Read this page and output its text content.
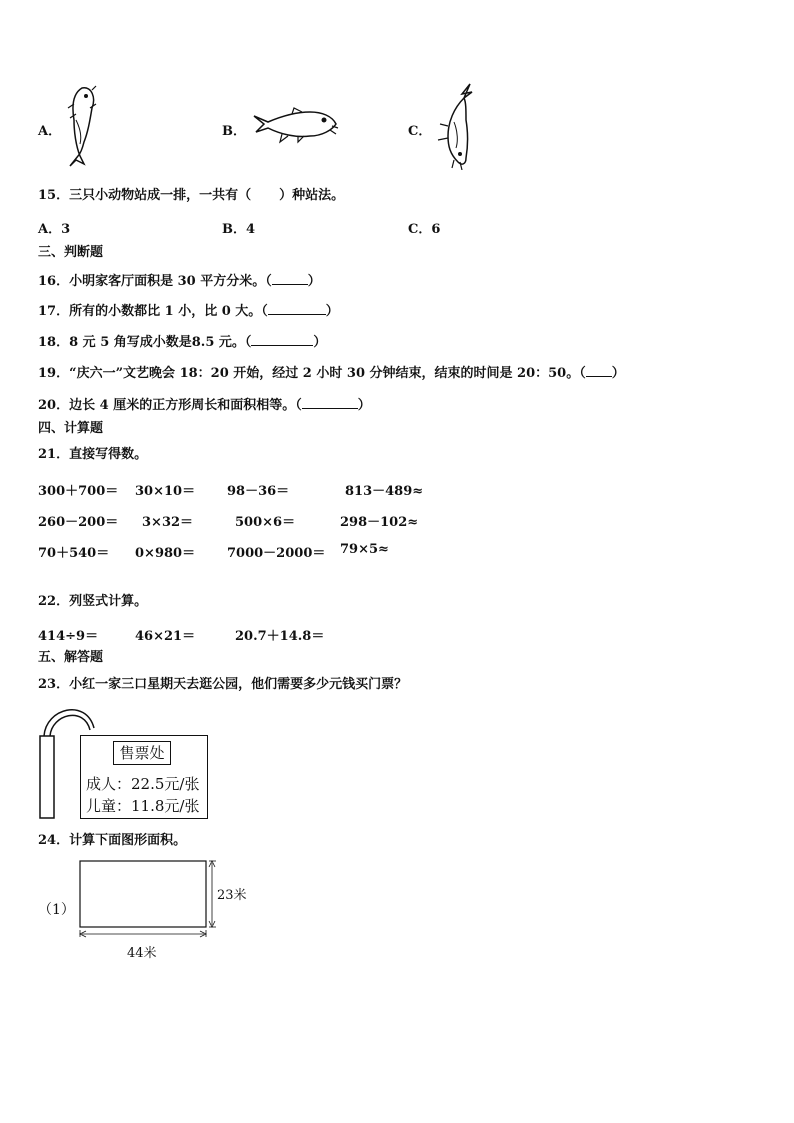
A．	B．	C．
15．三只小动物站成一排，一共有（ ）种站法。
A．3	B．4	C．6
三、判断题
16．小明家客厅面积是 30 平方分米。（	）
17．所有的小数都比 1 小，比 0 大。（	）
18．8 元 5 角写成小数是8.5 元。（	）
19．“庆六一”文艺晚会 18：20 开始，经过 2 小时 30 分钟结束，结束的时间是 20：50。（ ）
20．边长 4 厘米的正方形周长和面积相等。（	）
四、计算题
21．直接写得数。
300＋700＝ 30×10＝ 98－36＝	813－489≈
260－200＝ 3×32＝	500×6＝	298－102≈
70＋540＝ 0×980＝ 7000－2000＝ 79×5≈
22．列竖式计算。
414÷9＝	46×21＝	20.7＋14.8＝
五、解答题
23．小红一家三口星期天去逛公园，他们需要多少元钱买门票？
售票处
成人：22.5元/张
儿童：11.8元/张
24．计算下面图形面积。
（1）
23米
44米
